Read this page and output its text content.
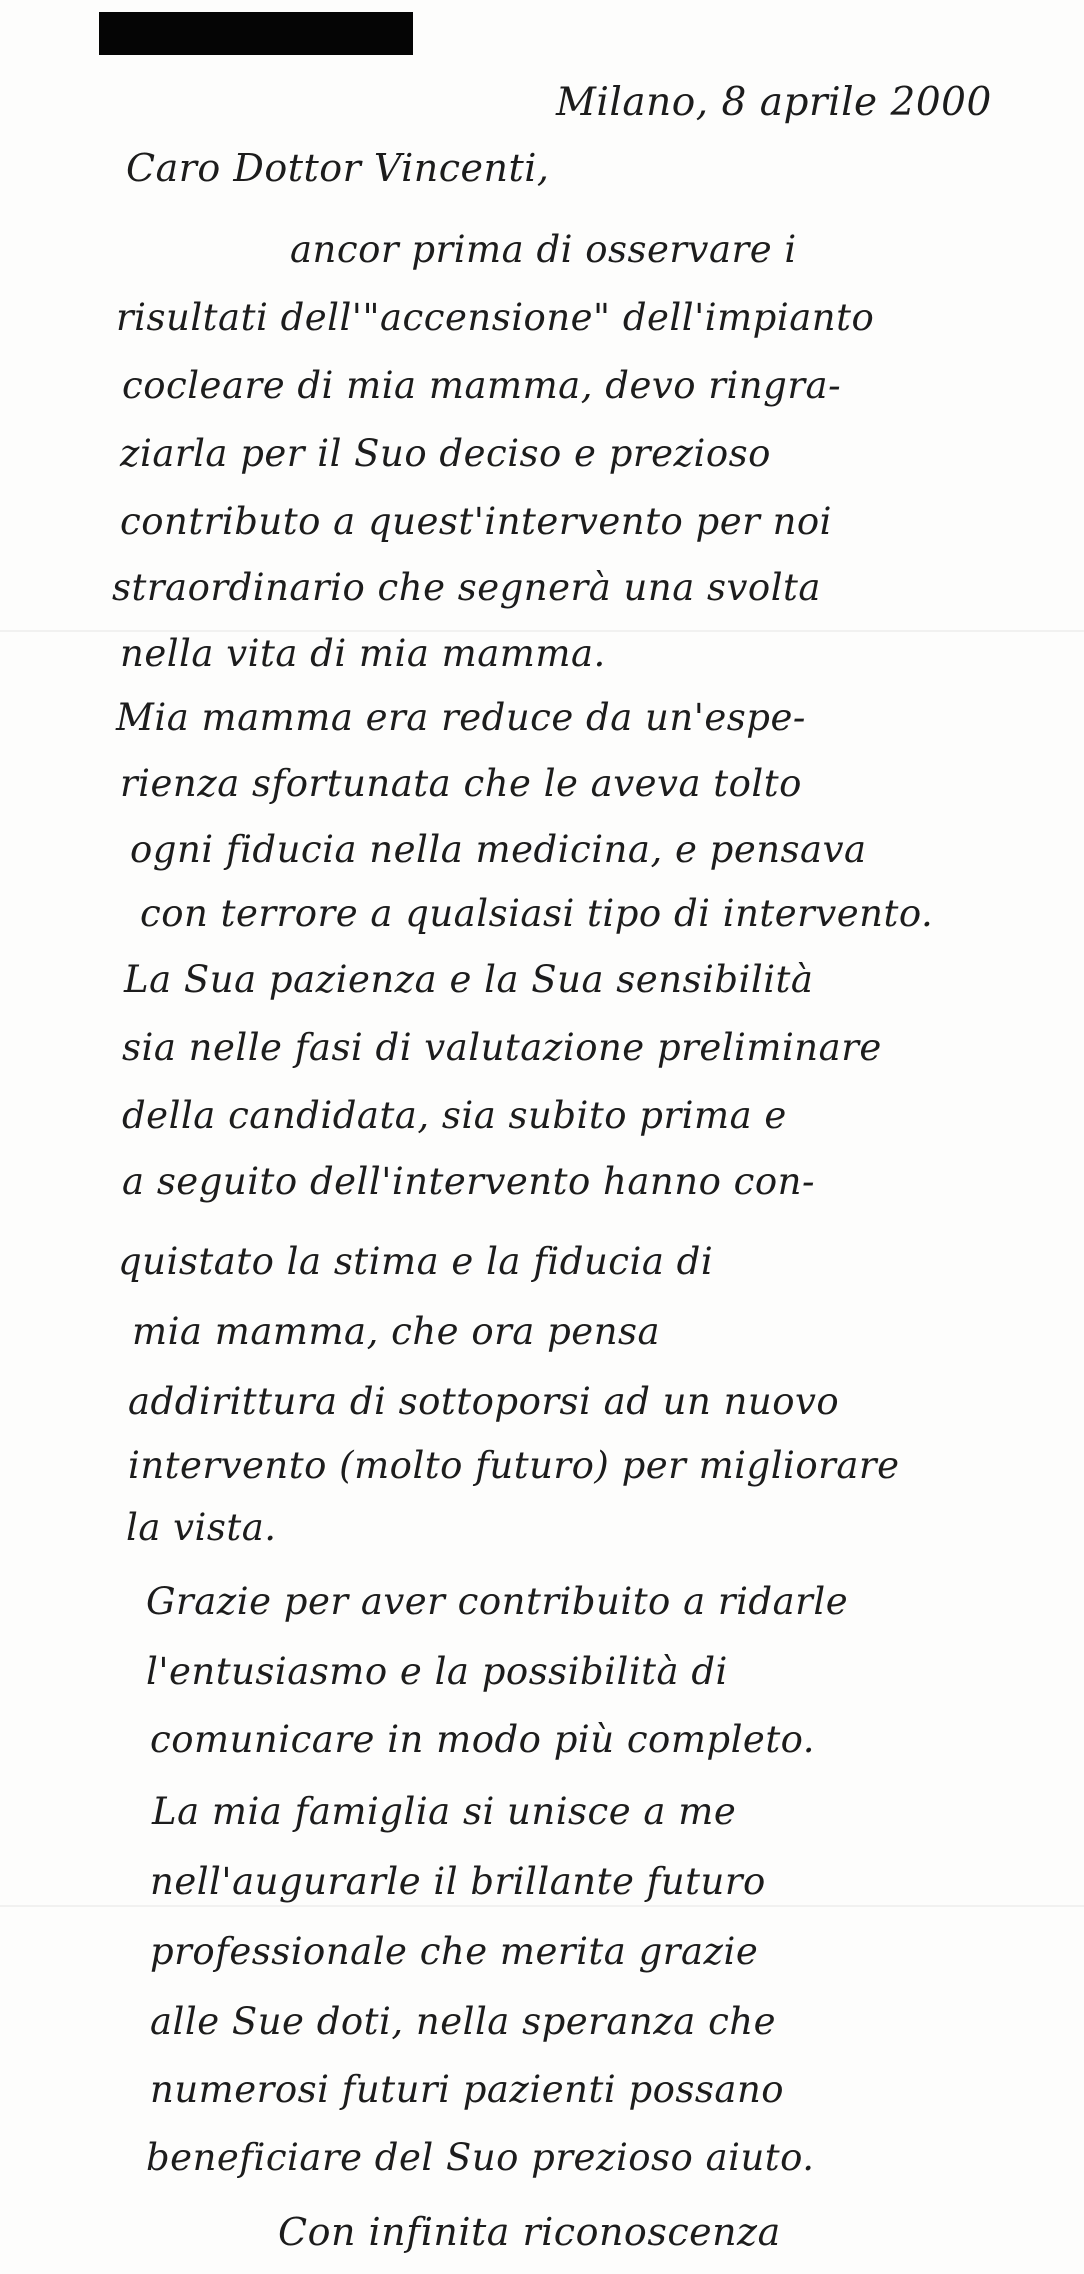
Milano, 8 aprile 2000
Caro Dottor Vincenti,
ancor prima di osservare i
risultati dell'"accensione" dell'impianto
cocleare di mia mamma, devo ringra-
ziarla per il Suo deciso e prezioso
contributo a quest'intervento per noi
straordinario che segnerà una svolta
nella vita di mia mamma.
Mia mamma era reduce da un'espe-
rienza sfortunata che le aveva tolto
ogni fiducia nella medicina, e pensava
con terrore a qualsiasi tipo di intervento.
La Sua pazienza e la Sua sensibilità
sia nelle fasi di valutazione preliminare
della candidata, sia subito prima e
a seguito dell'intervento hanno con-
quistato la stima e la fiducia di
mia mamma, che ora pensa
addirittura di sottoporsi ad un nuovo
intervento (molto futuro) per migliorare
la vista.
Grazie per aver contribuito a ridarle
l'entusiasmo e la possibilità di
comunicare in modo più completo.
La mia famiglia si unisce a me
nell'augurarle il brillante futuro
professionale che merita grazie
alle Sue doti, nella speranza che
numerosi futuri pazienti possano
beneficiare del Suo prezioso aiuto.
Con infinita riconoscenza
